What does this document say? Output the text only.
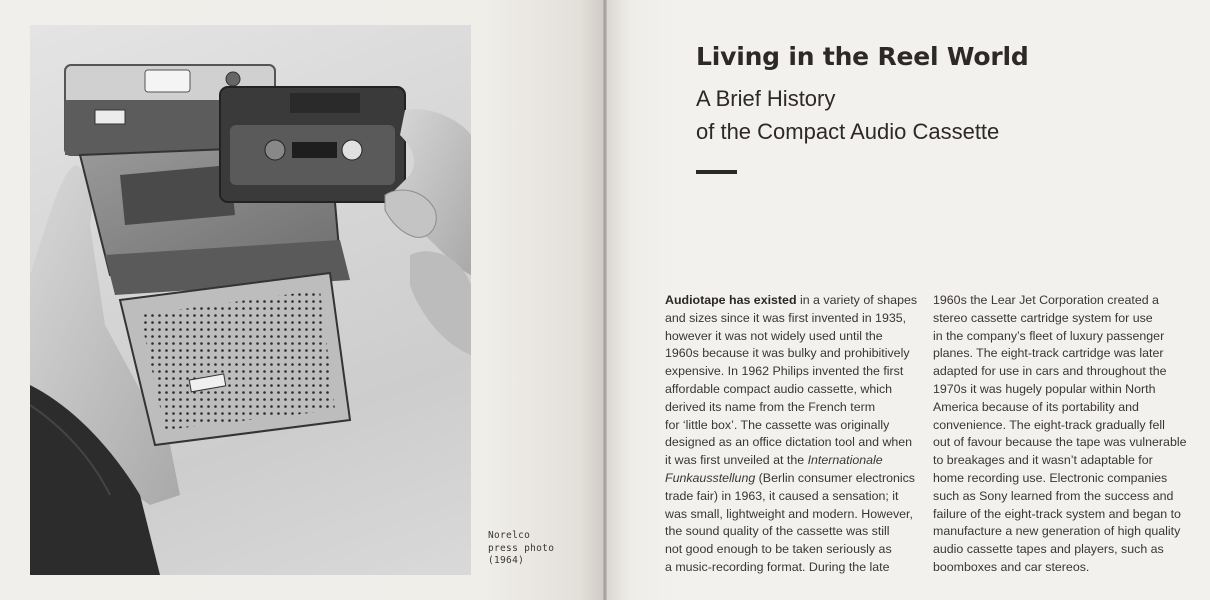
Norelco
press photo
(1964)
Living in the Reel World
A Brief History
of the Compact Audio Cassette
Audiotape has existed in a variety of shapes
and sizes since it was first invented in 1935,
however it was not widely used until the
1960s because it was bulky and prohibitively
expensive. In 1962 Philips invented the first
affordable compact audio cassette, which
derived its name from the French term
for ‘little box’. The cassette was originally
designed as an office dictation tool and when
it was first unveiled at the Internationale
Funkausstellung (Berlin consumer electronics
trade fair) in 1963, it caused a sensation; it
was small, lightweight and modern. However,
the sound quality of the cassette was still
not good enough to be taken seriously as
a music-recording format. During the late
1960s the Lear Jet Corporation created a
stereo cassette cartridge system for use
in the company’s fleet of luxury passenger
planes. The eight-track cartridge was later
adapted for use in cars and throughout the
1970s it was hugely popular within North
America because of its portability and
convenience. The eight-track gradually fell
out of favour because the tape was vulnerable
to breakages and it wasn’t adaptable for
home recording use. Electronic companies
such as Sony learned from the success and
failure of the eight-track system and began to
manufacture a new generation of high quality
audio cassette tapes and players, such as
boomboxes and car stereos.
